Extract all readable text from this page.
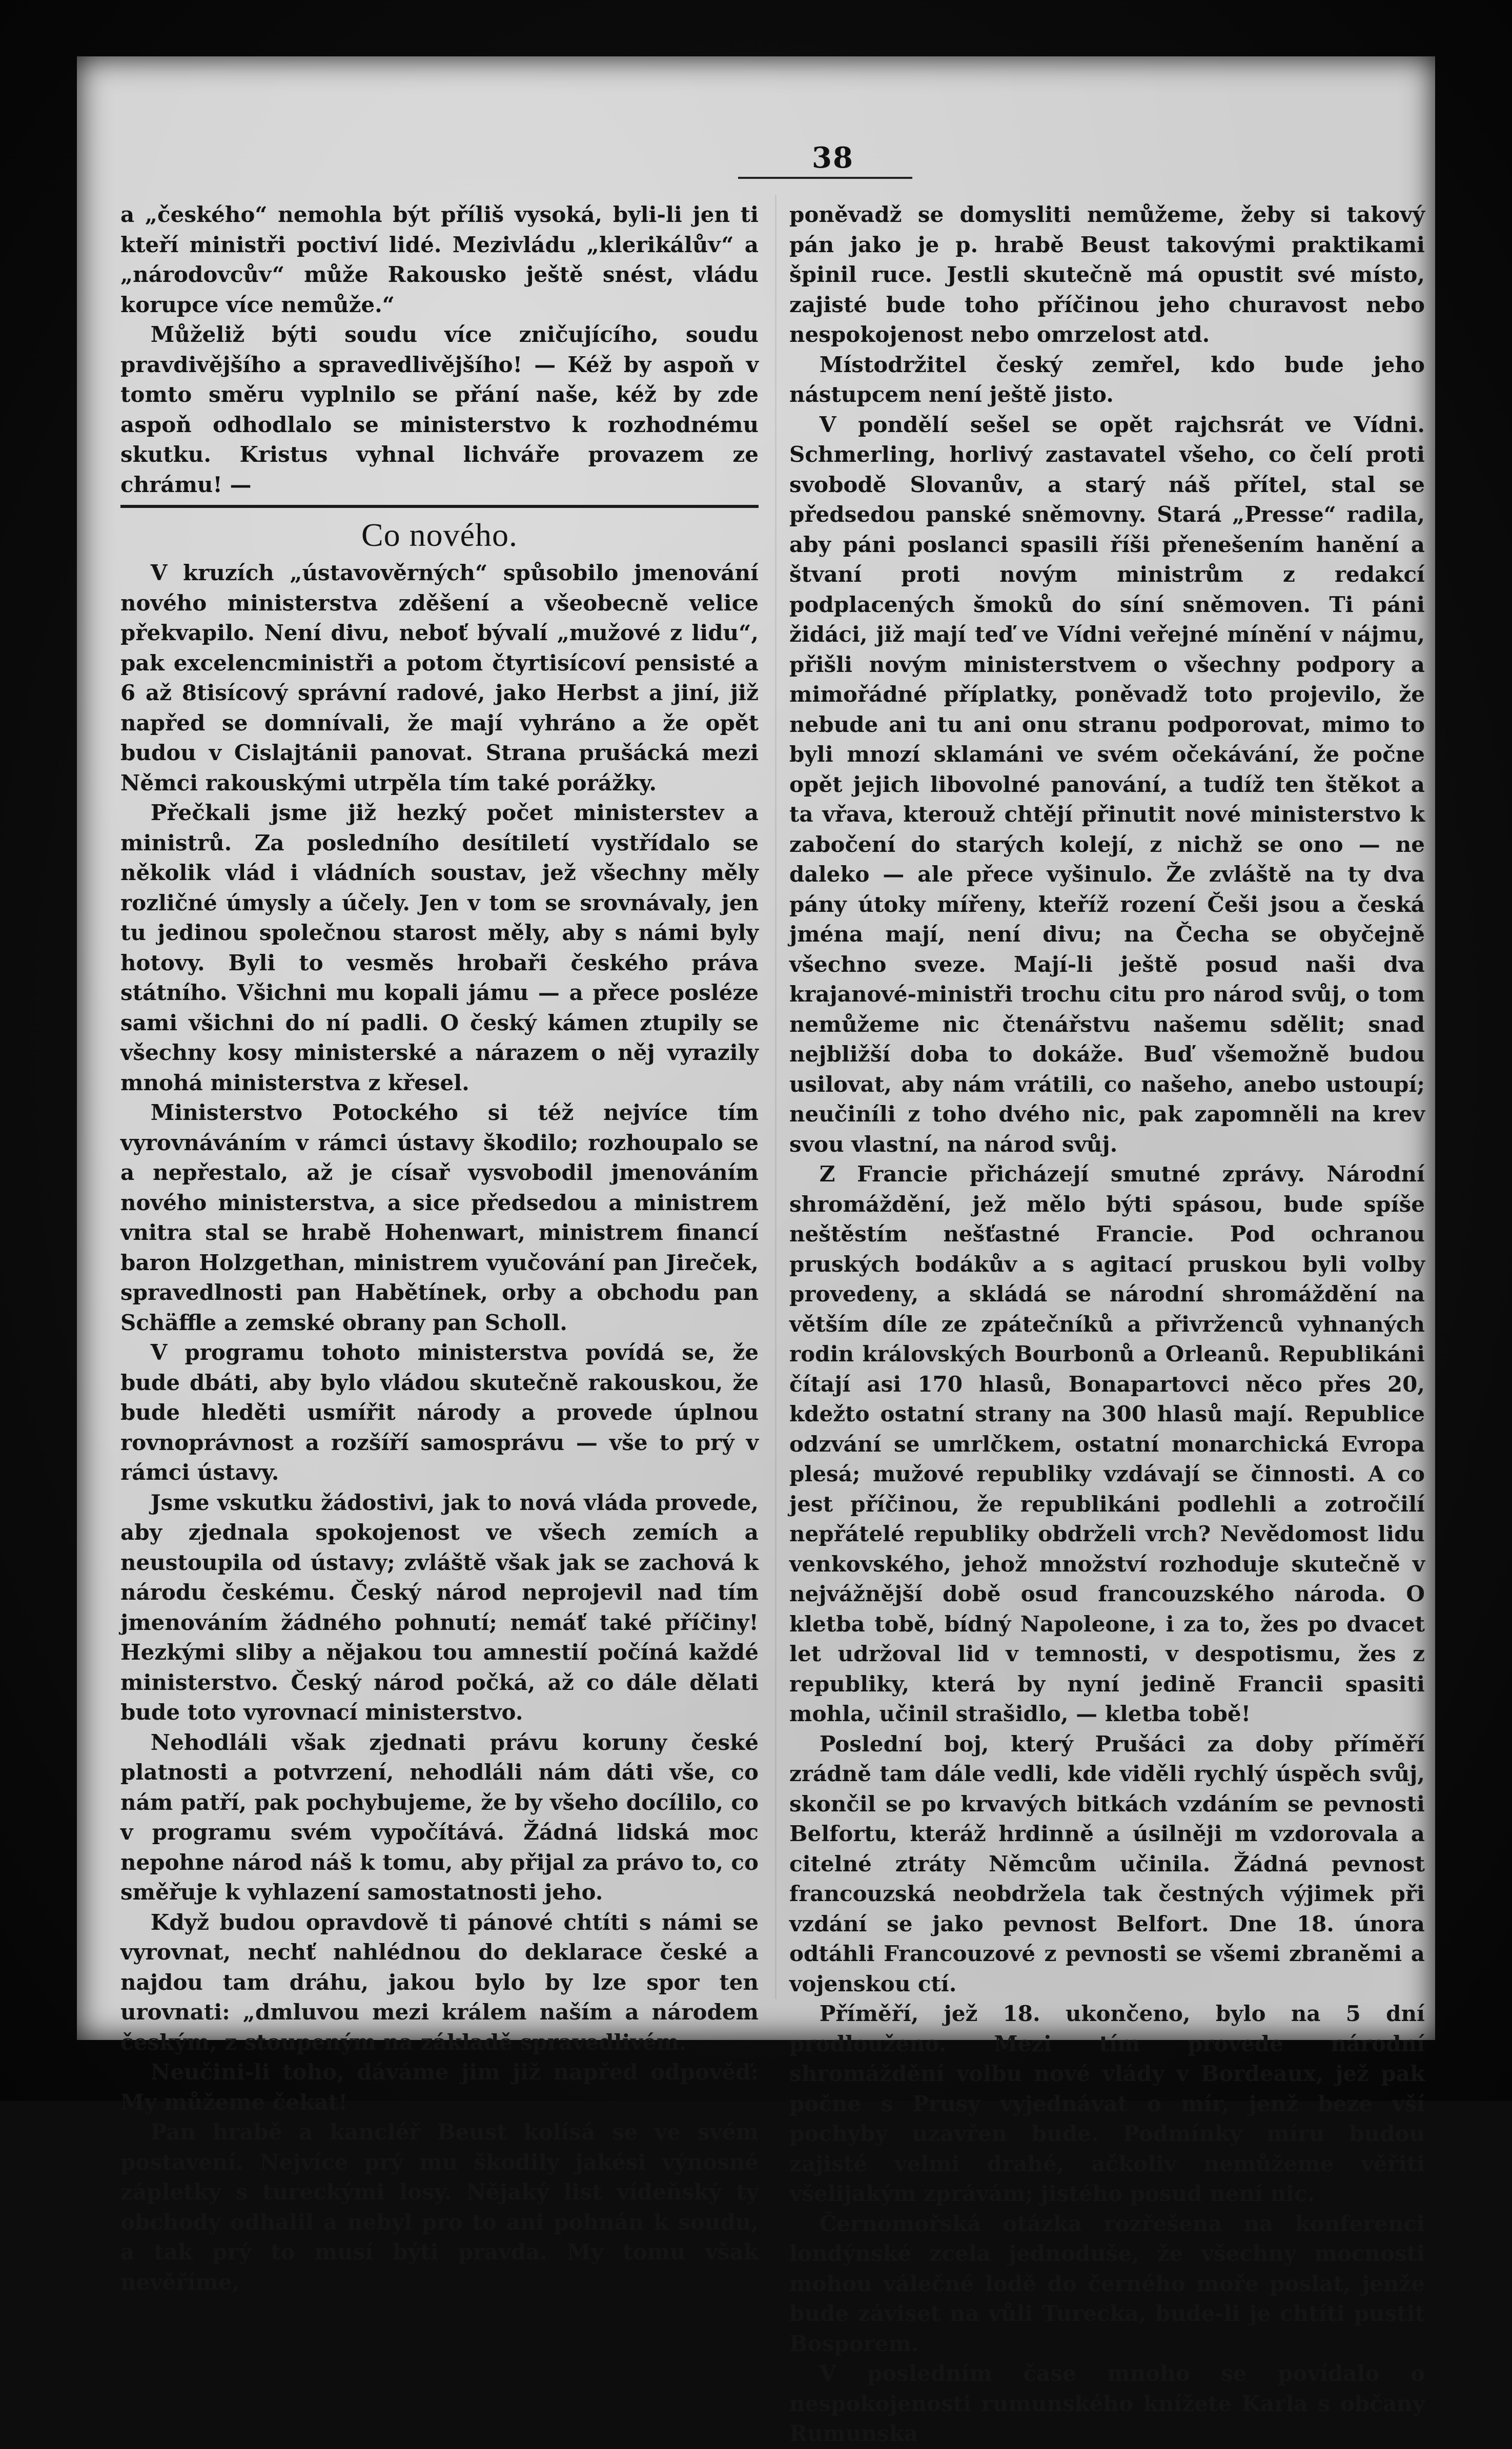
38

a „českého“ nemohla být příliš vysoká, byli-li jen ti kteří ministři poctiví lidé. Mezivládu „klerikálův“ a „národovcův“ může Rakousko ještě snést, vládu korupce více nemůže.“

Můželiž býti soudu více zničujícího, soudu pravdivějšího a spravedlivějšího! — Kéž by aspoň v tomto směru vyplnilo se přání naše, kéž by zde aspoň odhodlalo se ministerstvo k rozhodnému skutku. Kristus vyhnal lichváře provazem ze chrámu! —

Co nového.

V kruzích „ústavověrných“ spůsobilo jmenování nového ministerstva zděšení a všeobecně velice překvapilo. Není divu, neboť bývalí „mužové z lidu“, pak excelencministři a potom čtyrtisícoví pensisté a 6 až 8tisícový správní radové, jako Herbst a jiní, již napřed se domnívali, že mají vyhráno a že opět budou v Cislajtánii panovat. Strana prušácká mezi Němci rakouskými utrpěla tím také porážky.

Přečkali jsme již hezký počet ministerstev a ministrů. Za posledního desítiletí vystřídalo se několik vlád i vládních soustav, jež všechny měly rozličné úmysly a účely. Jen v tom se srovnávaly, jen tu jedinou společnou starost měly, aby s námi byly hotovy. Byli to vesměs hrobaři českého práva státního. Všichni mu kopali jámu — a přece posléze sami všichni do ní padli. O český kámen ztupily se všechny kosy ministerské a nárazem o něj vyrazily mnohá ministerstva z křesel.

Ministerstvo Potockého si též nejvíce tím vyrovnáváním v rámci ústavy škodilo; rozhoupalo se a nepřestalo, až je císař vysvobodil jmenováním nového ministerstva, a sice předsedou a ministrem vnitra stal se hrabě Hohenwart, ministrem financí baron Holzgethan, ministrem vyučování pan Jireček, spravedlnosti pan Habětínek, orby a obchodu pan Schäffle a zemské obrany pan Scholl.

V programu tohoto ministerstva povídá se, že bude dbáti, aby bylo vládou skutečně rakouskou, že bude hleděti usmířit národy a provede úplnou rovnoprávnost a rozšíří samosprávu — vše to prý v rámci ústavy.

Jsme vskutku žádostivi, jak to nová vláda provede, aby zjednala spokojenost ve všech zemích a neustoupila od ústavy; zvláště však jak se zachová k národu českému. Český národ neprojevil nad tím jmenováním žádného pohnutí; nemáť také příčiny! Hezkými sliby a nějakou tou amnestií počíná každé ministerstvo. Český národ počká, až co dále dělati bude toto vyrovnací ministerstvo.

Nehodláli však zjednati právu koruny české platnosti a potvrzení, nehodláli nám dáti vše, co nám patří, pak pochybujeme, že by všeho docílilo, co v programu svém vypočítává. Žádná lidská moc nepohne národ náš k tomu, aby přijal za právo to, co směřuje k vyhlazení samostatnosti jeho.

Když budou opravdově ti pánové chtíti s námi se vyrovnat, nechť nahlédnou do deklarace české a najdou tam dráhu, jakou bylo by lze spor ten urovnati: „dmluvou mezi králem naším a národem českým, z stoupeným na základě spravedlivém.

Neučini-li toho, dáváme jim již napřed odpověď: My můžeme čekat!

Pan hrabě a kancléř Beust kolísá se ve svém postavení. Nejvíce prý mu škodily jakési výnosné zápletky s tureckými losy. Nějaký list vídeňský ty obchody odhalil a nebyl pro to ani pohnán k soudu, a tak prý to musí býti pravda. My tomu však nevěříme,

poněvadž se domysliti nemůžeme, žeby si takový pán jako je p. hrabě Beust takovými praktikami špinil ruce. Jestli skutečně má opustit své místo, zajisté bude toho příčinou jeho churavost nebo nespokojenost nebo omrzelost atd.

Místodržitel český zemřel, kdo bude jeho nástupcem není ještě jisto.

V pondělí sešel se opět rajchsrát ve Vídni. Schmerling, horlivý zastavatel všeho, co čelí proti svobodě Slovanův, a starý náš přítel, stal se předsedou panské sněmovny. Stará „Presse“ radila, aby páni poslanci spasili říši přenešením hanění a štvaní proti novým ministrům z redakcí podplacených šmoků do síní sněmoven. Ti páni židáci, již mají teď ve Vídni veřejné mínění v nájmu, přišli novým ministerstvem o všechny podpory a mimořádné příplatky, poněvadž toto projevilo, že nebude ani tu ani onu stranu podporovat, mimo to byli mnozí sklamáni ve svém očekávání, že počne opět jejich libovolné panování, a tudíž ten štěkot a ta vřava, kterouž chtějí přinutit nové ministerstvo k zabočení do starých kolejí, z nichž se ono — ne daleko — ale přece vyšinulo. Že zvláště na ty dva pány útoky mířeny, kteříž rození Češi jsou a česká jména mají, není divu; na Čecha se obyčejně všechno sveze. Mají-li ještě posud naši dva krajanové-ministři trochu citu pro národ svůj, o tom nemůžeme nic čtenářstvu našemu sdělit; snad nejbližší doba to dokáže. Buď všemožně budou usilovat, aby nám vrátili, co našeho, anebo ustoupí; neučiníli z toho dvého nic, pak zapomněli na krev svou vlastní, na národ svůj.

Z Francie přicházejí smutné zprávy. Národní shromáždění, jež mělo býti spásou, bude spíše neštěstím nešťastné Francie. Pod ochranou pruských bodákův a s agitací pruskou byli volby provedeny, a skládá se národní shromáždění na větším díle ze zpátečníků a přivrženců vyhnaných rodin královských Bourbonů a Orleanů. Republikáni čítají asi 170 hlasů, Bonapartovci něco přes 20, kdežto ostatní strany na 300 hlasů mají. Republice odzvání se umrlčkem, ostatní monarchická Evropa plesá; mužové republiky vzdávají se činnosti. A co jest příčinou, že republikáni podlehli a zotročilí nepřátelé republiky obdrželi vrch? Nevědomost lidu venkovského, jehož množství rozhoduje skutečně v nejvážnější době osud francouzského národa. O kletba tobě, bídný Napoleone, i za to, žes po dvacet let udržoval lid v temnosti, v despotismu, žes z republiky, která by nyní jedině Francii spasiti mohla, učinil strašidlo, — kletba tobě!

Poslední boj, který Prušáci za doby příměří zrádně tam dále vedli, kde viděli rychlý úspěch svůj, skončil se po krvavých bitkách vzdáním se pevnosti Belfortu, kteráž hrdinně a úsilněji m vzdorovala a citelné ztráty Němcům učinila. Žádná pevnost francouzská neobdržela tak čestných výjimek při vzdání se jako pevnost Belfort. Dne 18. února odtáhli Francouzové z pevnosti se všemi zbraněmi a vojenskou ctí.

Příměří, jež 18. ukončeno, bylo na 5 dní prodlouženo. Mezi tím provede národní shromáždění volbu nové vlády v Bordeaux, jež pak počne s Prusy vyjednávat o mír, jenž beze vší pochyby uzavřen bude. Podmínky míru budou zajisté velmi drahé, ačkoliv nemůžeme věřiti všelijakým zprávám; jistého posud není nic.

Černomořská otázka rozřešena na konferenci londýnské zcela jednoduše, že všechny mocnosti mohou válečné lodě do černého moře poslat, jenže bude záviset na vůli Turecka, bude-li je chtíti pustit Bosporem.

V posledním čase mnoho se povídalo o nespokojenosti rumunského knížete Karla s občany Rumunska
